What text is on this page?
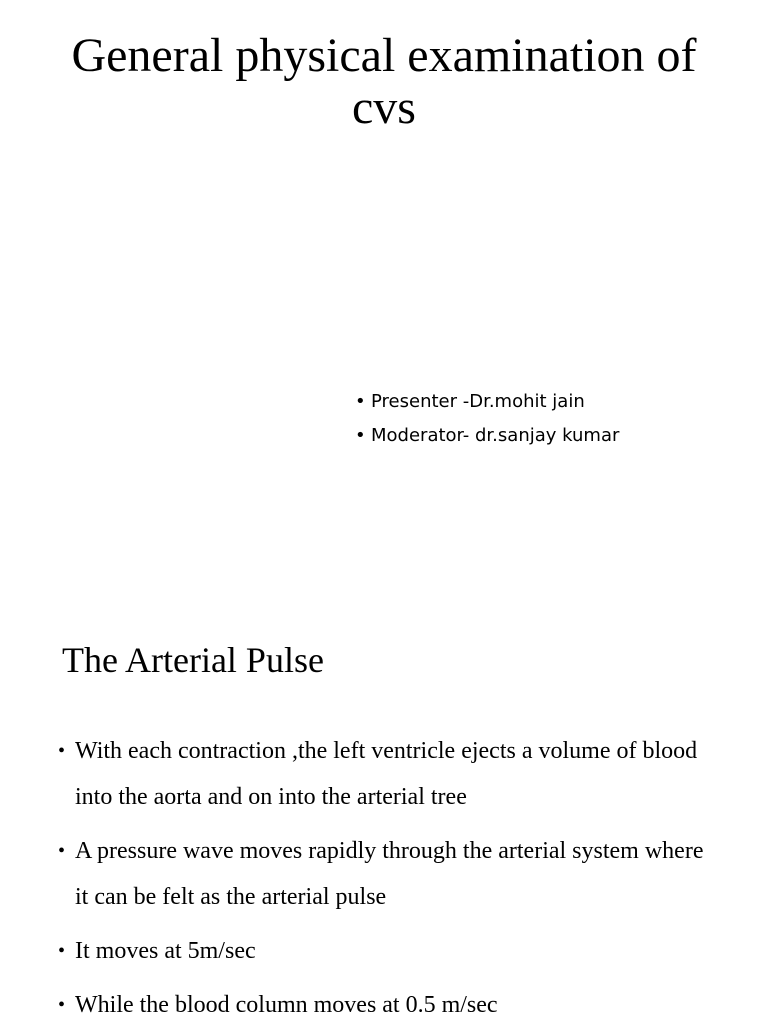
General physical examination of cvs
• Presenter -Dr.mohit jain
• Moderator- dr.sanjay kumar
The Arterial Pulse
• With each contraction ,the left ventricle ejects a volume of blood into the aorta and on into the arterial tree
• A pressure wave moves rapidly through the arterial system where it can be felt as the arterial pulse
• It moves at 5m/sec
• While the blood column moves at 0.5 m/sec
